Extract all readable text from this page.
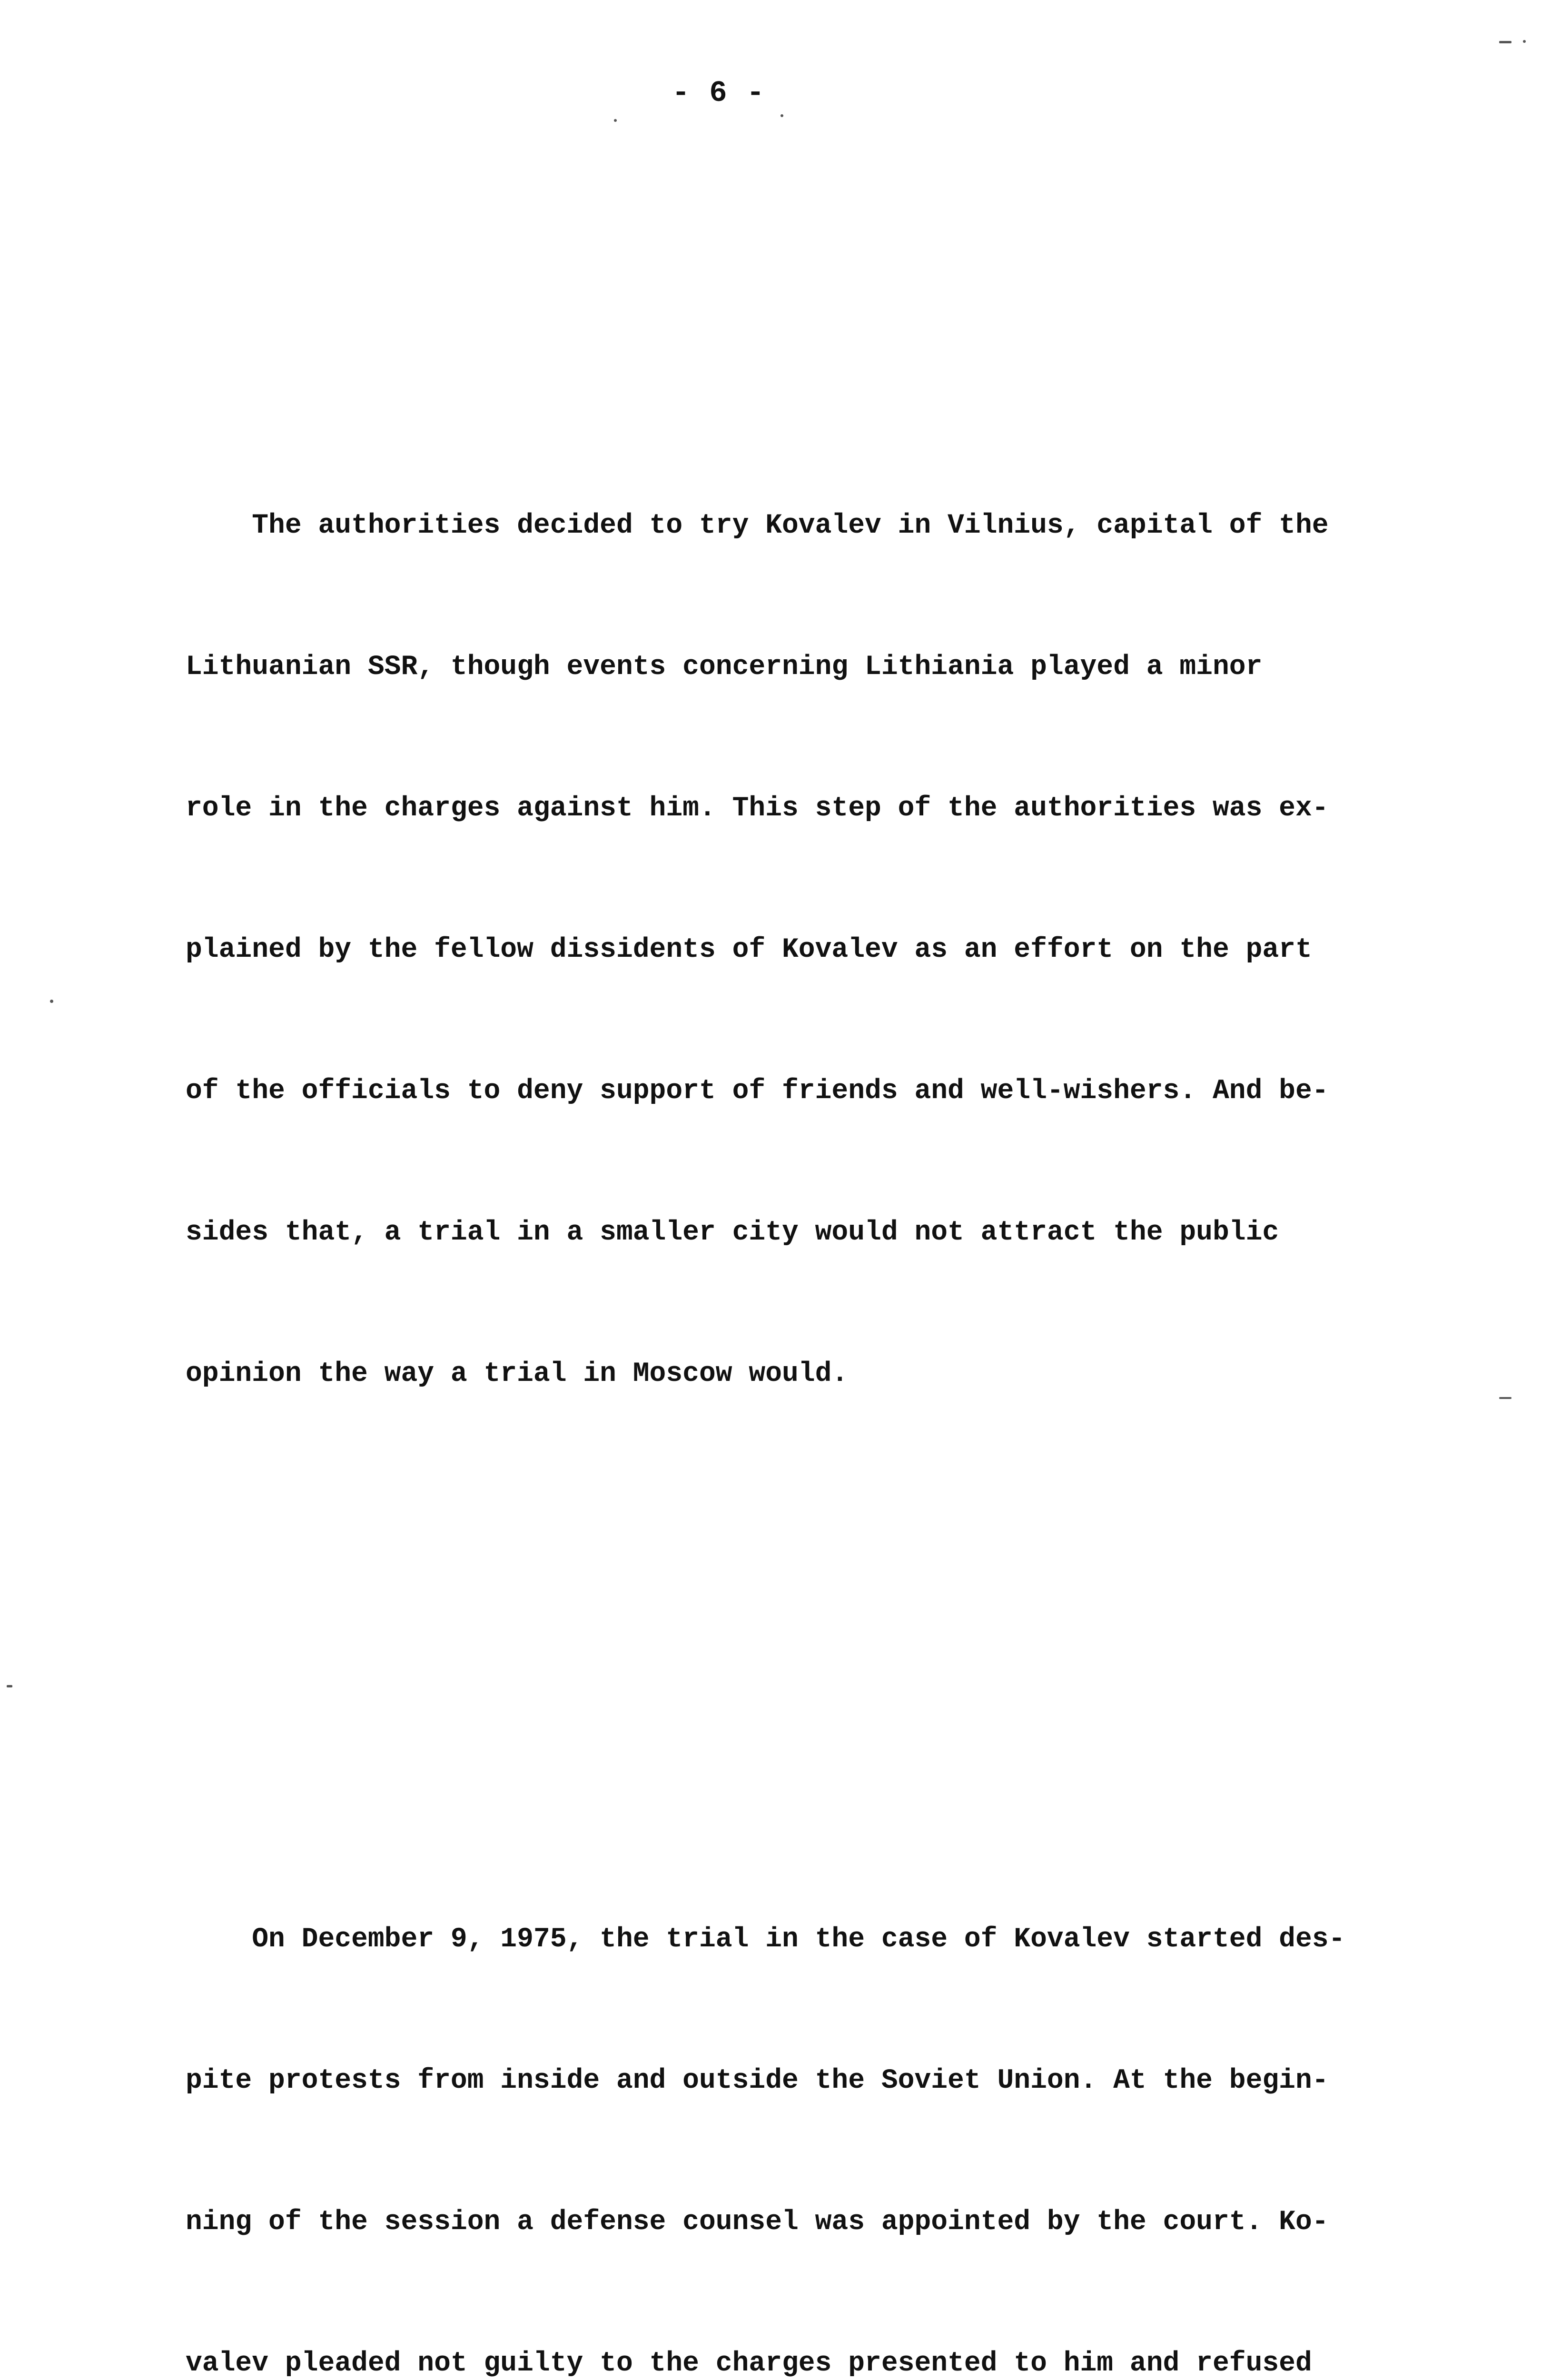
- 6 -

The authorities decided to try Kovalev in Vilnius, capital of the

Lithuanian SSR, though events concerning Lithiania played a minor

role in the charges against him. This step of the authorities was ex-

plained by the fellow dissidents of Kovalev as an effort on the part

of the officials to deny support of friends and well-wishers. And be-

sides that, a trial in a smaller city would not attract the public

opinion the way a trial in Moscow would.

On December 9, 1975, the trial in the case of Kovalev started des-

pite protests from inside and outside the Soviet Union. At the begin-

ning of the session a defense counsel was appointed by the court. Ko-

valev pleaded not guilty to the charges presented to him and refused
